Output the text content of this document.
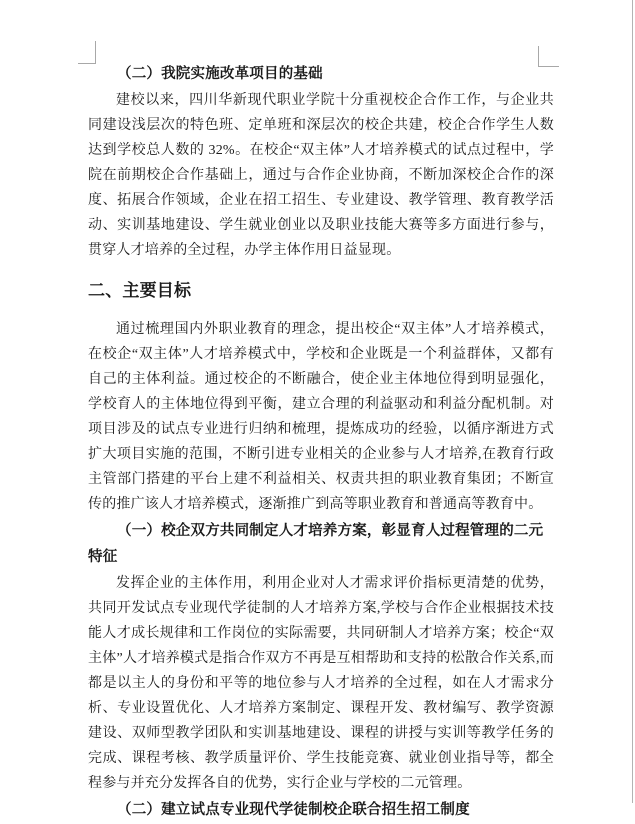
（二）我院实施改革项目的基础

建校以来，四川华新现代职业学院十分重视校企合作工作，与企业共同建设浅层次的特色班、定单班和深层次的校企共建，校企合作学生人数达到学校总人数的 32%。在校企“双主体”人才培养模式的试点过程中，学院在前期校企合作基础上，通过与合作企业协商，不断加深校企合作的深度、拓展合作领域，企业在招工招生、专业建设、教学管理、教育教学活动、实训基地建设、学生就业创业以及职业技能大赛等多方面进行参与，贯穿人才培养的全过程，办学主体作用日益显现。

二、主要目标

通过梳理国内外职业教育的理念，提出校企“双主体”人才培养模式，在校企“双主体”人才培养模式中，学校和企业既是一个利益群体，又都有自己的主体利益。通过校企的不断融合，使企业主体地位得到明显强化，学校育人的主体地位得到平衡，建立合理的利益驱动和利益分配机制。对项目涉及的试点专业进行归纳和梳理，提炼成功的经验，以循序渐进方式扩大项目实施的范围，不断引进专业相关的企业参与人才培养,在教育行政主管部门搭建的平台上建不利益相关、权责共担的职业教育集团；不断宣传的推广该人才培养模式，逐渐推广到高等职业教育和普通高等教育中。

（一）校企双方共同制定人才培养方案，彰显育人过程管理的二元特征

发挥企业的主体作用，利用企业对人才需求评价指标更清楚的优势，共同开发试点专业现代学徒制的人才培养方案,学校与合作企业根据技术技能人才成长规律和工作岗位的实际需要，共同研制人才培养方案；校企“双主体”人才培养模式是指合作双方不再是互相帮助和支持的松散合作关系,而都是以主人的身份和平等的地位参与人才培养的全过程，如在人才需求分析、专业设置优化、人才培养方案制定、课程开发、教材编写、教学资源建设、双师型教学团队和实训基地建设、课程的讲授与实训等教学任务的完成、课程考核、教学质量评价、学生技能竞赛、就业创业指导等，都全程参与并充分发挥各自的优势，实行企业与学校的二元管理。

（二）建立试点专业现代学徒制校企联合招生招工制度
